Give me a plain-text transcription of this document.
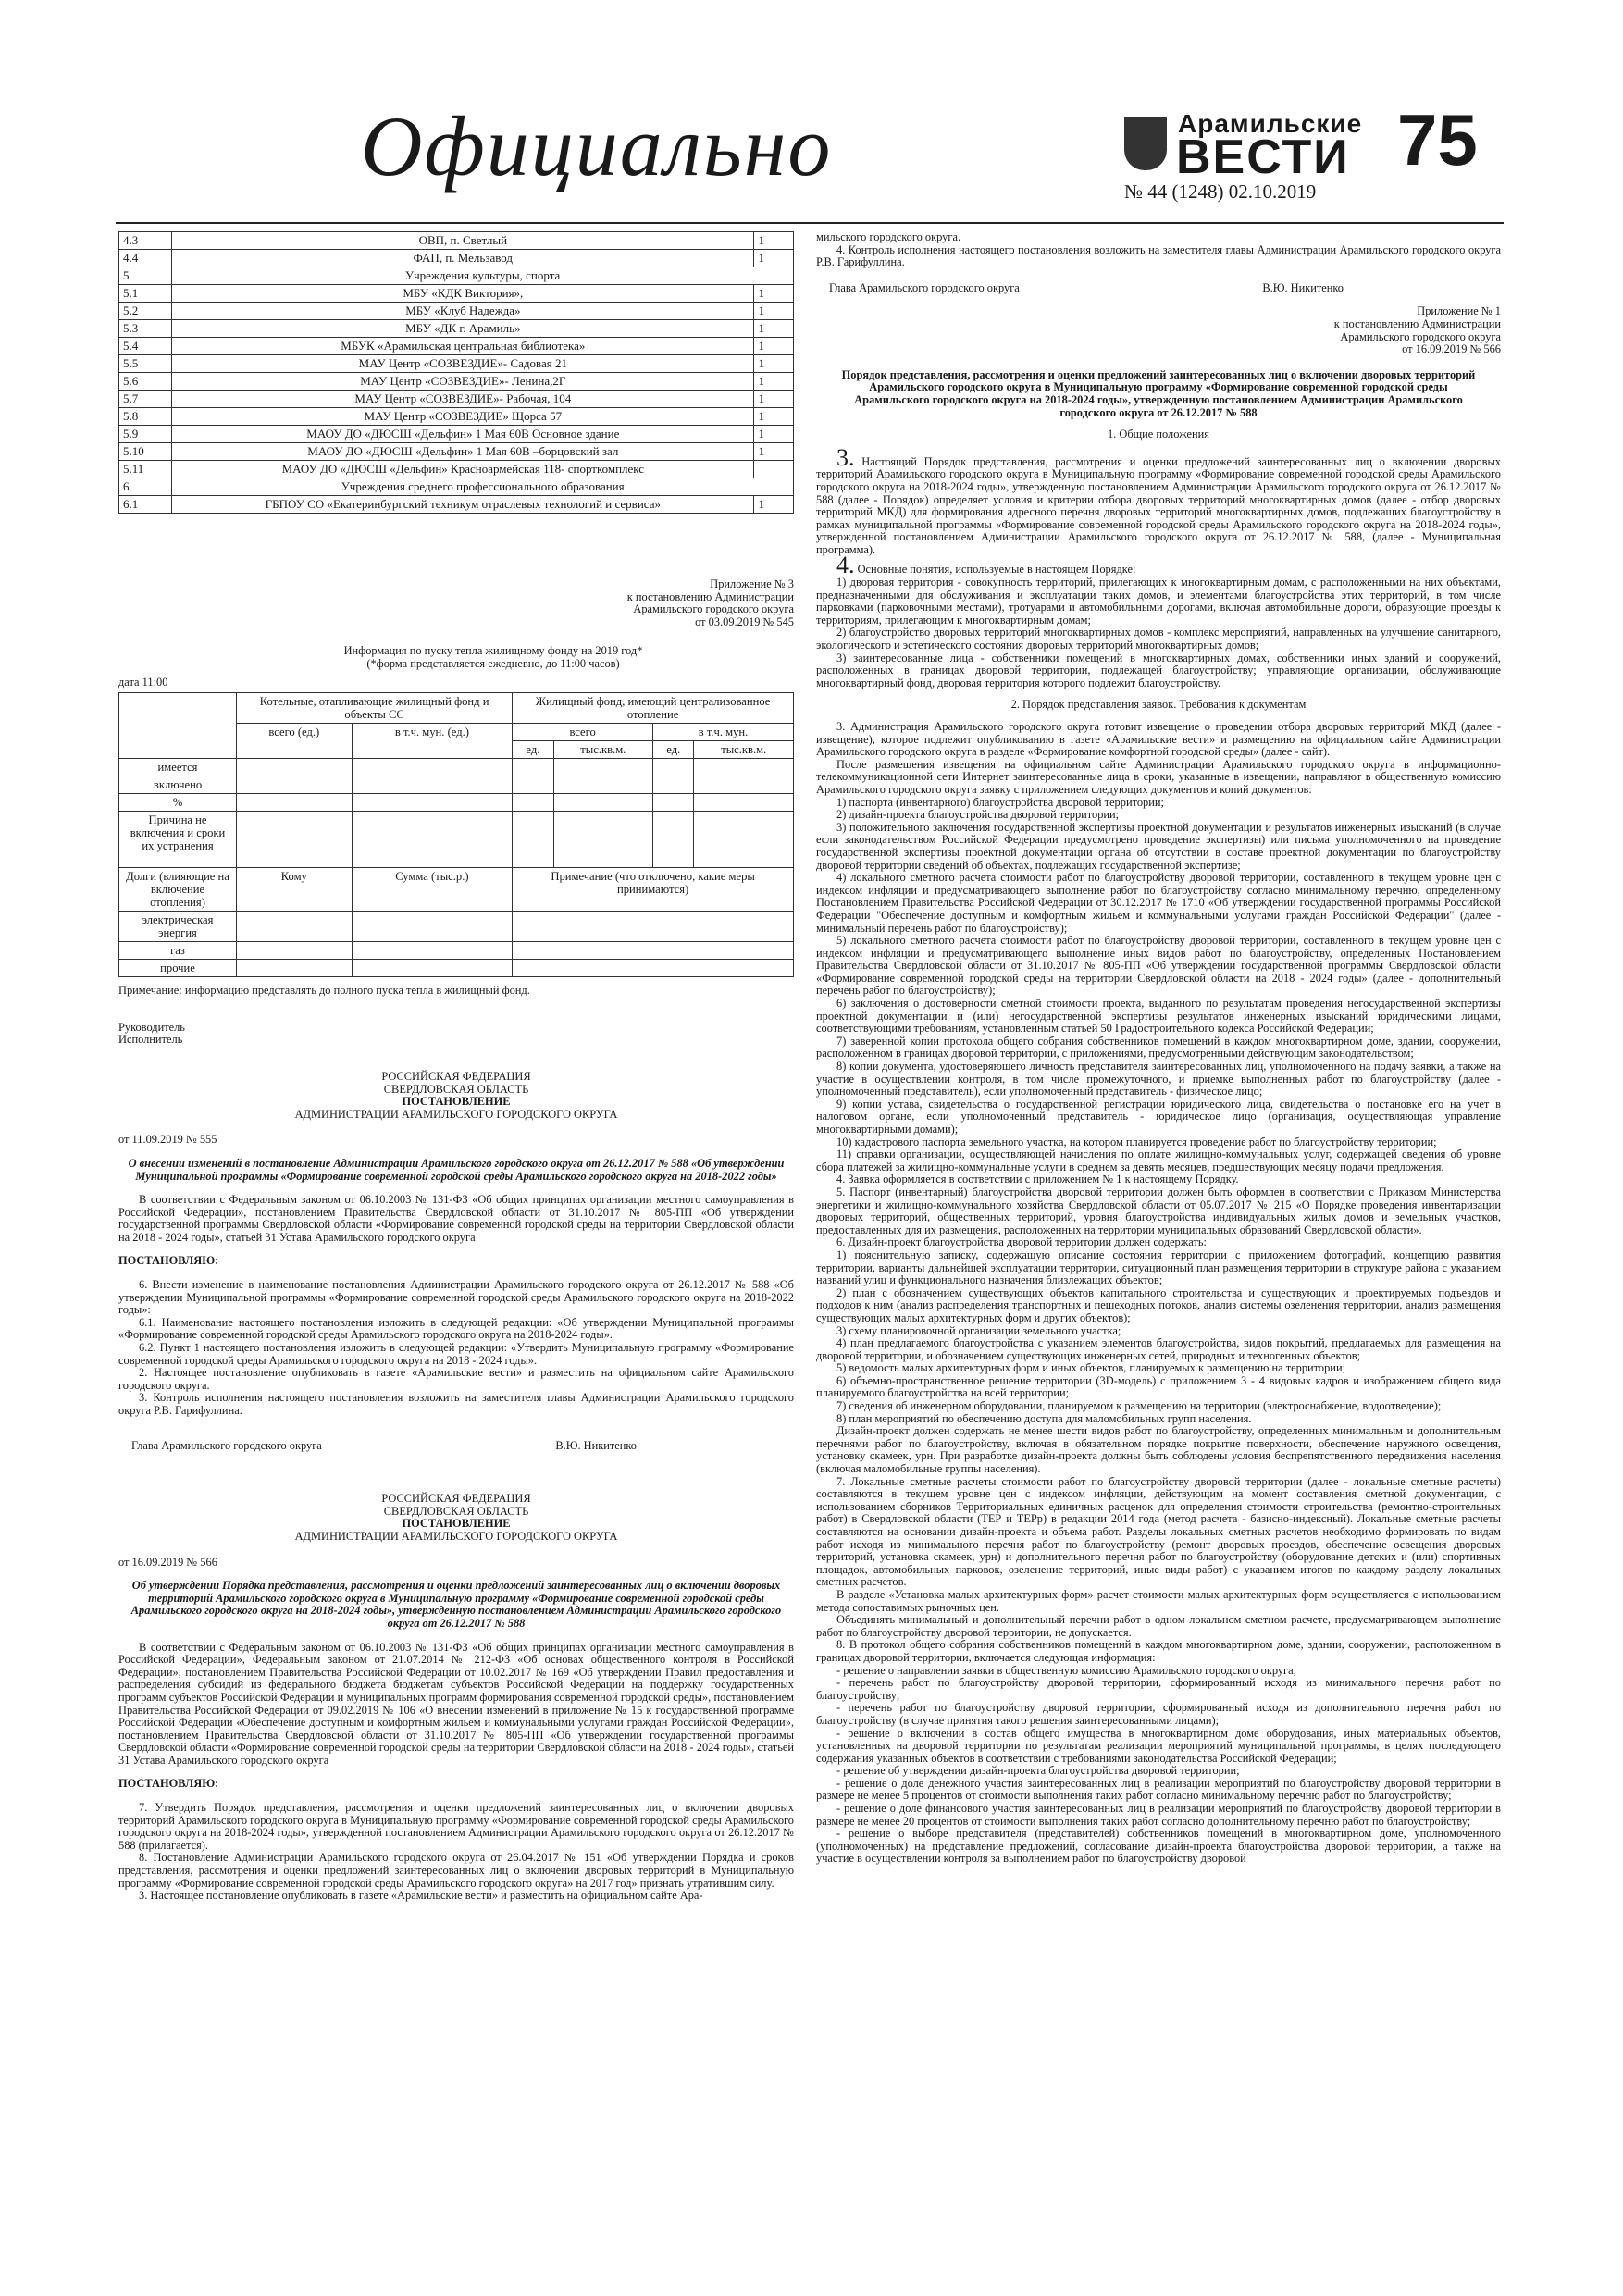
Официально	Арамильские
ВЕСТИ 75
№ 44 (1248) 02.10.2019
4.3	ОВП, п. Светлый	1
4.4	ФАП, п. Мельзавод	1
5	Учреждения культуры, спорта	
5.1	МБУ «КДК Виктория»,	1
5.2	МБУ «Клуб Надежда»	1
5.3	МБУ «ДК г. Арамиль»	1
5.4	МБУК «Арамильская центральная библиотека»	1
5.5	МАУ Центр «СОЗВЕЗДИЕ»- Садовая 21	1
5.6	МАУ Центр «СОЗВЕЗДИЕ»- Ленина,2Г	1
5.7	МАУ Центр «СОЗВЕЗДИЕ»- Рабочая, 104	1
5.8	МАУ Центр «СОЗВЕЗДИЕ» Щорса 57	1
5.9	МАОУ ДО «ДЮСШ «Дельфин» 1 Мая 60В Основное здание	1
5.10	МАОУ ДО «ДЮСШ «Дельфин» 1 Мая 60В –борцовский зал	1
5.11	МАОУ ДО «ДЮСШ «Дельфин» Красноармейская 118- спорткомплекс	
6	Учреждения среднего профессионального образования	
6.1	ГБПОУ СО «Екатеринбургский техникум отраслевых технологий и сервиса»	1

Приложение № 3

к постановлению Администрации

Арамильского городского округа

от 03.09.2019 № 545

Информация по пуску тепла жилищному фонду на 2019 год*

(*форма представляется ежедневно, до 11:00 часов)

дата 11:00

	Котельные, отапливающие жилищный фонд и объекты СС		Жилищный фонд, имеющий централизованное отопление			
	всего (ед.)	в т.ч. мун. (ед.)	всего		в т.ч. мун.	
			ед.	тыс.кв.м.	ед.	тыс.кв.м.
имеется						
включено						
%						
Причина не включения и сроки их устранения						
Долги (влияющие на включение отопления)	Кому	Сумма (тыс.р.)	Примечание (что отключено, какие меры принимаются)			
электрическая энергия						
газ						
прочие						

Примечание: информацию представлять до полного пуска тепла в жилищный фонд.

Руководитель

Исполнитель

РОССИЙСКАЯ ФЕДЕРАЦИЯ

СВЕРДЛОВСКАЯ ОБЛАСТЬ

ПОСТАНОВЛЕНИЕ

АДМИНИСТРАЦИИ АРАМИЛЬСКОГО ГОРОДСКОГО ОКРУГА

от 11.09.2019 № 555

О внесении изменений в постановление Администрации Арамильского городского округа от 26.12.2017 № 588 «Об утверждении Муниципальной программы «Формирование современной городской среды Арамильского городского округа на 2018-2022 годы»

В соответствии с Федеральным законом от 06.10.2003 № 131-ФЗ «Об общих принципах организации местного самоуправления в Российской Федерации», постановлением Правительства Свердловской области от 31.10.2017 № 805-ПП «Об утверждении государственной программы Свердловской области «Формирование современной городской среды на территории Свердловской области на 2018 - 2024 годы», статьей 31 Устава Арамильского городского округа

ПОСТАНОВЛЯЮ:

6. Внести изменение в наименование постановления Администрации Арамильского городского округа от 26.12.2017 № 588 «Об утверждении Муниципальной программы «Формирование современной городской среды Арамильского городского округа на 2018-2022 годы»:

6.1. Наименование настоящего постановления изложить в следующей редакции: «Об утверждении Муниципальной программы «Формирование современной городской среды Арамильского городского округа на 2018-2024 годы».

6.2. Пункт 1 настоящего постановления изложить в следующей редакции: «Утвердить Муниципальную программу «Формирование современной городской среды Арамильского городского округа на 2018 - 2024 годы».

2. Настоящее постановление опубликовать в газете «Арамильские вести» и разместить на официальном сайте Арамильского городского округа.

3. Контроль исполнения настоящего постановления возложить на заместителя главы Администрации Арамильского городского округа Р.В. Гарифуллина.

Глава Арамильского городского округа	В.Ю. Никитенко

РОССИЙСКАЯ ФЕДЕРАЦИЯ

СВЕРДЛОВСКАЯ ОБЛАСТЬ

ПОСТАНОВЛЕНИЕ

АДМИНИСТРАЦИИ АРАМИЛЬСКОГО ГОРОДСКОГО ОКРУГА

от 16.09.2019 № 566

Об утверждении Порядка представления, рассмотрения и оценки предложений заинтересованных лиц о включении дворовых территорий Арамильского городского округа в Муниципальную программу «Формирование современной городской среды Арамильского городского округа на 2018-2024 годы», утвержденную постановлением Администрации Арамильского городского округа от 26.12.2017 № 588

В соответствии с Федеральным законом от 06.10.2003 № 131-ФЗ «Об общих принципах организации местного самоуправления в Российской Федерации», Федеральным законом от 21.07.2014 № 212-ФЗ «Об основах общественного контроля в Российской Федерации», постановлением Правительства Российской Федерации от 10.02.2017 № 169 «Об утверждении Правил предоставления и распределения субсидий из федерального бюджета бюджетам субъектов Российской Федерации на поддержку государственных программ субъектов Российской Федерации и муниципальных программ формирования современной городской среды», постановлением Правительства Российской Федерации от 09.02.2019 № 106 «О внесении изменений в приложение № 15 к государственной программе Российской Федерации «Обеспечение доступным и комфортным жильем и коммунальными услугами граждан Российской Федерации», постановлением Правительства Свердловской области от 31.10.2017 № 805-ПП «Об утверждении государственной программы Свердловской области «Формирование современной городской среды на территории Свердловской области на 2018 - 2024 годы», статьей 31 Устава Арамильского городского округа

ПОСТАНОВЛЯЮ:

7. Утвердить Порядок представления, рассмотрения и оценки предложений заинтересованных лиц о включении дворовых территорий Арамильского городского округа в Муниципальную программу «Формирование современной городской среды Арамильского городского округа на 2018-2024 годы», утвержденной постановлением Администрации Арамильского городского округа от 26.12.2017 № 588 (прилагается).

8. Постановление Администрации Арамильского городского округа от 26.04.2017 № 151 «Об утверждении Порядка и сроков представления, рассмотрения и оценки предложений заинтересованных лиц о включении дворовых территорий в Муниципальную программу «Формирование современной городской среды Арамильского городского округа» на 2017 год» признать утратившим силу.

3. Настоящее постановление опубликовать в газете «Арамильские вести» и разместить на официальном сайте Ара-

мильского городского округа.

4. Контроль исполнения настоящего постановления возложить на заместителя главы Администрации Арамильского городского округа Р.В. Гарифуллина.

Глава Арамильского городского округа	В.Ю. Никитенко

Приложение № 1

к постановлению Администрации

Арамильского городского округа

от 16.09.2019 № 566

Порядок представления, рассмотрения и оценки предложений заинтересованных лиц о включении дворовых территорий Арамильского городского округа в Муниципальную программу «Формирование современной городской среды Арамильского городского округа на 2018-2024 годы», утвержденную постановлением Администрации Арамильского городского округа от 26.12.2017 № 588

1. Общие положения

3. Настоящий Порядок представления, рассмотрения и оценки предложений заинтересованных лиц о включении дворовых территорий Арамильского городского округа в Муниципальную программу «Формирование современной городской среды Арамильского городского округа на 2018-2024 годы», утвержденную постановлением Администрации Арамильского городского округа от 26.12.2017 № 588 (далее - Порядок) определяет условия и критерии отбора дворовых территорий многоквартирных домов (далее - отбор дворовых территорий МКД) для формирования адресного перечня дворовых территорий многоквартирных домов, подлежащих благоустройству в рамках муниципальной программы «Формирование современной городской среды Арамильского городского округа на 2018-2024 годы», утвержденной постановлением Администрации Арамильского городского округа от 26.12.2017 № 588, (далее - Муниципальная программа).

4. Основные понятия, используемые в настоящем Порядке:

1) дворовая территория - совокупность территорий, прилегающих к многоквартирным домам, с расположенными на них объектами, предназначенными для обслуживания и эксплуатации таких домов, и элементами благоустройства этих территорий, в том числе парковками (парковочными местами), тротуарами и автомобильными дорогами, включая автомобильные дороги, образующие проезды к территориям, прилегающим к многоквартирным домам;

2) благоустройство дворовых территорий многоквартирных домов - комплекс мероприятий, направленных на улучшение санитарного, экологического и эстетического состояния дворовых территорий многоквартирных домов;

3) заинтересованные лица - собственники помещений в многоквартирных домах, собственники иных зданий и сооружений, расположенных в границах дворовой территории, подлежащей благоустройству; управляющие организации, обслуживающие многоквартирный фонд, дворовая территория которого подлежит благоустройству.

2. Порядок представления заявок. Требования к документам

3. Администрация Арамильского городского округа готовит извещение о проведении отбора дворовых территорий МКД (далее - извещение), которое подлежит опубликованию в газете «Арамильские вести» и размещению на официальном сайте Администрации Арамильского городского округа в разделе «Формирование комфортной городской среды» (далее - сайт).

После размещения извещения на официальном сайте Администрации Арамильского городского округа в информационно-телекоммуникационной сети Интернет заинтересованные лица в сроки, указанные в извещении, направляют в общественную комиссию Арамильского городского округа заявку с приложением следующих документов и копий документов:

1) паспорта (инвентарного) благоустройства дворовой территории;

2) дизайн-проекта благоустройства дворовой территории;

3) положительного заключения государственной экспертизы проектной документации и результатов инженерных изысканий (в случае если законодательством Российской Федерации предусмотрено проведение экспертизы) или письма уполномоченного на проведение государственной экспертизы проектной документации органа об отсутствии в составе проектной документации по благоустройству дворовой территории сведений об объектах, подлежащих государственной экспертизе;

4) локального сметного расчета стоимости работ по благоустройству дворовой территории, составленного в текущем уровне цен с индексом инфляции и предусматривающего выполнение работ по благоустройству согласно минимальному перечню, определенному Постановлением Правительства Российской Федерации от 30.12.2017 № 1710 «Об утверждении государственной программы Российской Федерации "Обеспечение доступным и комфортным жильем и коммунальными услугами граждан Российской Федерации" (далее - минимальный перечень работ по благоустройству);

5) локального сметного расчета стоимости работ по благоустройству дворовой территории, составленного в текущем уровне цен с индексом инфляции и предусматривающего выполнение иных видов работ по благоустройству, определенных Постановлением Правительства Свердловской области от 31.10.2017 № 805-ПП «Об утверждении государственной программы Свердловской области «Формирование современной городской среды на территории Свердловской области на 2018 - 2024 годы» (далее - дополнительный перечень работ по благоустройству);

6) заключения о достоверности сметной стоимости проекта, выданного по результатам проведения негосударственной экспертизы проектной документации и (или) негосударственной экспертизы результатов инженерных изысканий юридическими лицами, соответствующими требованиям, установленным статьей 50 Градостроительного кодекса Российской Федерации;

7) заверенной копии протокола общего собрания собственников помещений в каждом многоквартирном доме, здании, сооружении, расположенном в границах дворовой территории, с приложениями, предусмотренными действующим законодательством;

8) копии документа, удостоверяющего личность представителя заинтересованных лиц, уполномоченного на подачу заявки, а также на участие в осуществлении контроля, в том числе промежуточного, и приемке выполненных работ по благоустройству (далее - уполномоченный представитель), если уполномоченный представитель - физическое лицо;

9) копии устава, свидетельства о государственной регистрации юридического лица, свидетельства о постановке его на учет в налоговом органе, если уполномоченный представитель - юридическое лицо (организация, осуществляющая управление многоквартирными домами);

10) кадастрового паспорта земельного участка, на котором планируется проведение работ по благоустройству территории;

11) справки организации, осуществляющей начисления по оплате жилищно-коммунальных услуг, содержащей сведения об уровне сбора платежей за жилищно-коммунальные услуги в среднем за девять месяцев, предшествующих месяцу подачи предложения.

4. Заявка оформляется в соответствии с приложением № 1 к настоящему Порядку.

5. Паспорт (инвентарный) благоустройства дворовой территории должен быть оформлен в соответствии с Приказом Министерства энергетики и жилищно-коммунального хозяйства Свердловской области от 05.07.2017 № 215 «О Порядке проведения инвентаризации дворовых территорий, общественных территорий, уровня благоустройства индивидуальных жилых домов и земельных участков, предоставленных для их размещения, расположенных на территории муниципальных образований Свердловской области».

6. Дизайн-проект благоустройства дворовой территории должен содержать:

1) пояснительную записку, содержащую описание состояния территории с приложением фотографий, концепцию развития территории, варианты дальнейшей эксплуатации территории, ситуационный план размещения территории в структуре района с указанием названий улиц и функционального назначения близлежащих объектов;

2) план с обозначением существующих объектов капитального строительства и существующих и проектируемых подъездов и подходов к ним (анализ распределения транспортных и пешеходных потоков, анализ системы озеленения территории, анализ размещения существующих малых архитектурных форм и других объектов);

3) схему планировочной организации земельного участка;

4) план предлагаемого благоустройства с указанием элементов благоустройства, видов покрытий, предлагаемых для размещения на дворовой территории, и обозначением существующих инженерных сетей, природных и техногенных объектов;

5) ведомость малых архитектурных форм и иных объектов, планируемых к размещению на территории;

6) объемно-пространственное решение территории (3D-модель) с приложением 3 - 4 видовых кадров и изображением общего вида планируемого благоустройства на всей территории;

7) сведения об инженерном оборудовании, планируемом к размещению на территории (электроснабжение, водоотведение);

8) план мероприятий по обеспечению доступа для маломобильных групп населения.

Дизайн-проект должен содержать не менее шести видов работ по благоустройству, определенных минимальным и дополнительным перечнями работ по благоустройству, включая в обязательном порядке покрытие поверхности, обеспечение наружного освещения, установку скамеек, урн. При разработке дизайн-проекта должны быть соблюдены условия беспрепятственного передвижения населения (включая маломобильные группы населения).

7. Локальные сметные расчеты стоимости работ по благоустройству дворовой территории (далее - локальные сметные расчеты) составляются в текущем уровне цен с индексом инфляции, действующим на момент составления сметной документации, с использованием сборников Территориальных единичных расценок для определения стоимости строительства (ремонтно-строительных работ) в Свердловской области (ТЕР и ТЕРр) в редакции 2014 года (метод расчета - базисно-индексный). Локальные сметные расчеты составляются на основании дизайн-проекта и объема работ. Разделы локальных сметных расчетов необходимо формировать по видам работ исходя из минимального перечня работ по благоустройству (ремонт дворовых проездов, обеспечение освещения дворовых территорий, установка скамеек, урн) и дополнительного перечня работ по благоустройству (оборудование детских и (или) спортивных площадок, автомобильных парковок, озеленение территорий, иные виды работ) с указанием итогов по каждому разделу локальных сметных расчетов.

В разделе «Установка малых архитектурных форм» расчет стоимости малых архитектурных форм осуществляется с использованием метода сопоставимых рыночных цен.

Объединять минимальный и дополнительный перечни работ в одном локальном сметном расчете, предусматривающем выполнение работ по благоустройству дворовой территории, не допускается.

8. В протокол общего собрания собственников помещений в каждом многоквартирном доме, здании, сооружении, расположенном в границах дворовой территории, включается следующая информация:

- решение о направлении заявки в общественную комиссию Арамильского городского округа;

- перечень работ по благоустройству дворовой территории, сформированный исходя из минимального перечня работ по благоустройству;

- перечень работ по благоустройству дворовой территории, сформированный исходя из дополнительного перечня работ по благоустройству (в случае принятия такого решения заинтересованными лицами);

- решение о включении в состав общего имущества в многоквартирном доме оборудования, иных материальных объектов, установленных на дворовой территории по результатам реализации мероприятий муниципальной программы, в целях последующего содержания указанных объектов в соответствии с требованиями законодательства Российской Федерации;

- решение об утверждении дизайн-проекта благоустройства дворовой территории;

- решение о доле денежного участия заинтересованных лиц в реализации мероприятий по благоустройству дворовой территории в размере не менее 5 процентов от стоимости выполнения таких работ согласно минимальному перечню работ по благоустройству;

- решение о доле финансового участия заинтересованных лиц в реализации мероприятий по благоустройству дворовой территории в размере не менее 20 процентов от стоимости выполнения таких работ согласно дополнительному перечню работ по благоустройству;

- решение о выборе представителя (представителей) собственников помещений в многоквартирном доме, уполномоченного (уполномоченных) на представление предложений, согласование дизайн-проекта благоустройства дворовой территории, а также на участие в осуществлении контроля за выполнением работ по благоустройству дворовой
